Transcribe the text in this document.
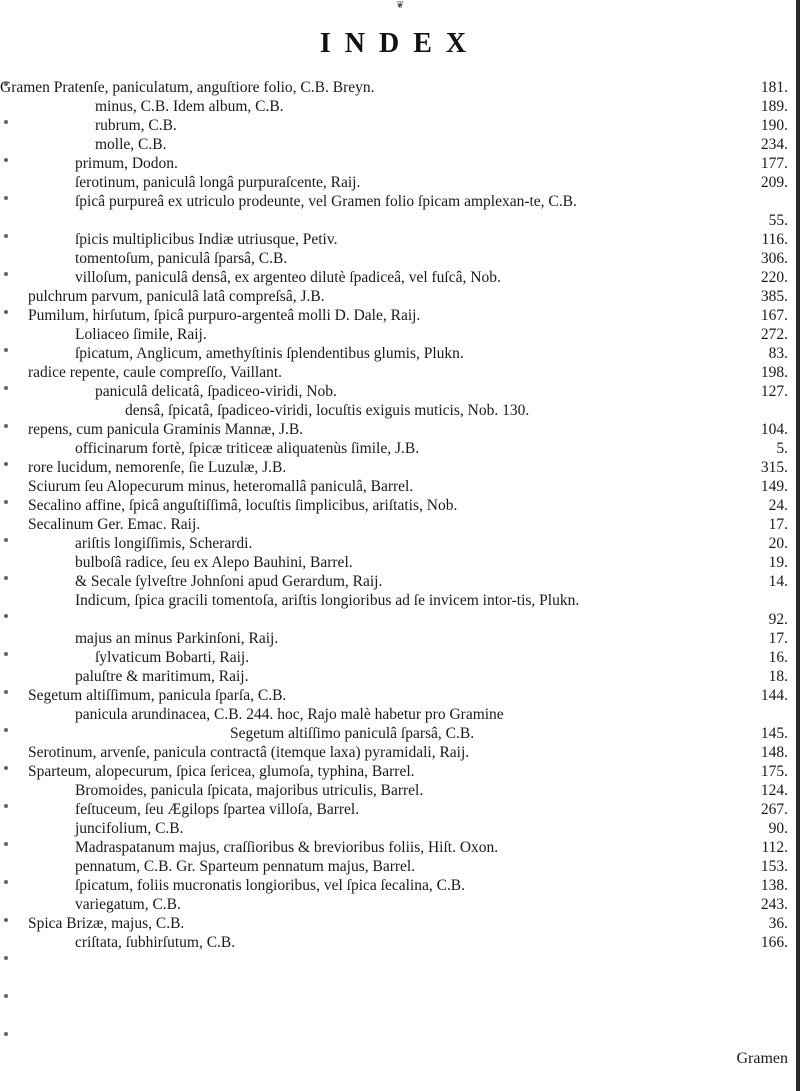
❦
INDEX
Gramen Pratenſe, paniculatum, anguſtiore folio, C.B. Breyn.	181.
minus, C.B. Idem album, C.B.	189.
rubrum, C.B.	190.
molle, C.B.	234.
primum, Dodon.	177.
ſerotinum, paniculâ longâ purpuraſcente, Raij.	209.
ſpicâ purpureâ ex utriculo prodeunte, vel Gramen folio ſpicam amplexan-te, C.B.
55.
ſpicis multiplicibus Indiæ utriusque, Petiv.	116.
tomentoſum, paniculâ ſparsâ, C.B.	306.
villoſum, paniculâ densâ, ex argenteo dilutè ſpadiceâ, vel fuſcâ, Nob.	220.
pulchrum parvum, paniculâ latâ compreſsâ, J.B.	385.
Pumilum, hirſutum, ſpicâ purpuro-argenteâ molli D. Dale, Raij.	167.
Loliaceo ſimile, Raij.	272.
ſpicatum, Anglicum, amethyſtinis ſplendentibus glumis, Plukn.	83.
radice repente, caule compreſſo, Vaillant.	198.
paniculâ delicatâ, ſpadiceo-viridi, Nob.	127.
densâ, ſpicatâ, ſpadiceo-viridi, locuſtis exiguis muticis, Nob. 130.
repens, cum panicula Graminis Mannæ, J.B.	104.
officinarum fortè, ſpicæ triticeæ aliquatenùs ſimile, J.B.	5.
rore lucidum, nemorenſe, ſie Luzulæ, J.B.	315.
Sciurum ſeu Alopecurum minus, heteromallâ paniculâ, Barrel.	149.
Secalino affine, ſpicâ anguſtiſſimâ, locuſtis ſimplicibus, ariſtatis, Nob.	24.
Secalinum Ger. Emac. Raij.	17.
ariſtis longiſſimis, Scherardi.	20.
bulboſâ radice, ſeu ex Alepo Bauhini, Barrel.	19.
& Secale ſylveſtre Johnſoni apud Gerardum, Raij.	14.
Indicum, ſpica gracili tomentoſa, ariſtis longioribus ad ſe invicem intor-tis, Plukn.
92.
majus an minus Parkinſoni, Raij.	17.
ſylvaticum Bobarti, Raij.	16.
paluſtre & maritimum, Raij.	18.
Segetum altiſſimum, panicula ſparſa, C.B.	144.
panicula arundinacea, C.B. 244. hoc, Rajo malè habetur pro Gramine
Segetum altiſſimo paniculâ ſparsâ, C.B.	145.
Serotinum, arvenſe, panicula contractâ (itemque laxa) pyramidali, Raij.	148.
Sparteum, alopecurum, ſpica ſericea, glumoſa, typhina, Barrel.	175.
Bromoides, panicula ſpicata, majoribus utriculis, Barrel.	124.
feſtuceum, ſeu Ægilops ſpartea villoſa, Barrel.	267.
juncifolium, C.B.	90.
Madraspatanum majus, craſſioribus & brevioribus foliis, Hiſt. Oxon.	112.
pennatum, C.B. Gr. Sparteum pennatum majus, Barrel.	153.
ſpicatum, foliis mucronatis longioribus, vel ſpica ſecalina, C.B.	138.
variegatum, C.B.	243.
Spica Brizæ, majus, C.B.	36.
criſtata, ſubhirſutum, C.B.	166.
Gramen
